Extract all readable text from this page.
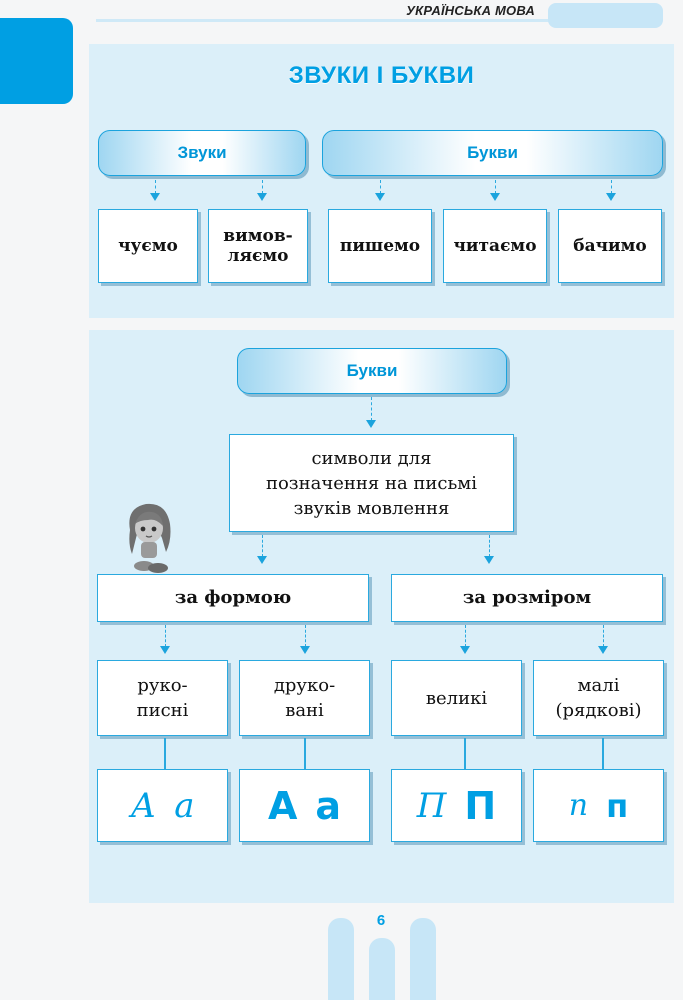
УКРАЇНСЬКА МОВА
ЗВУКИ І БУКВИ
Звуки	Букви
чуємо	вимов-
ляємо	пишемо читаємо бачимо
Букви
символи для
позначення на письмі
звуків мовлення
за формою	за розміром
руко-
писні
друко-
вані
великі
малі
(рядкові)
А а А а П П п п
6
